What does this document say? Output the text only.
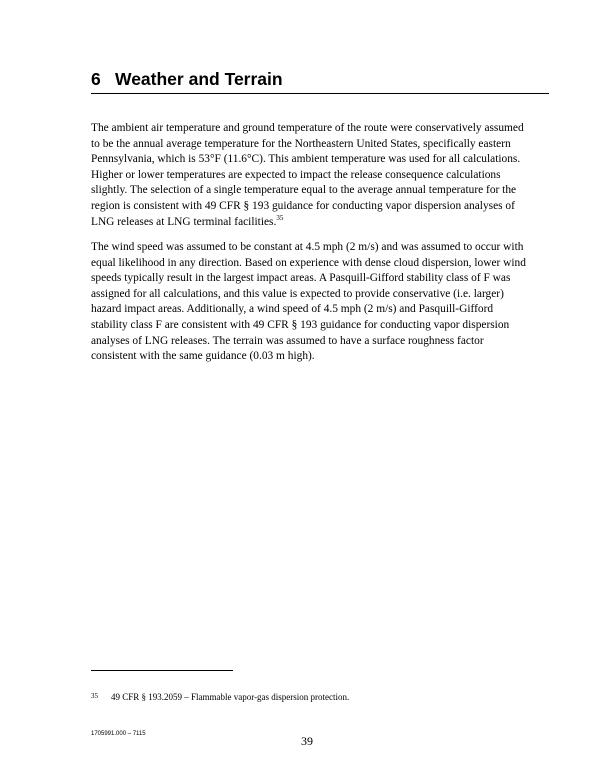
6 Weather and Terrain

The ambient air temperature and ground temperature of the route were conservatively assumed
to be the annual average temperature for the Northeastern United States, specifically eastern
Pennsylvania, which is 53°F (11.6°C). This ambient temperature was used for all calculations.
Higher or lower temperatures are expected to impact the release consequence calculations
slightly. The selection of a single temperature equal to the average annual temperature for the
region is consistent with 49 CFR § 193 guidance for conducting vapor dispersion analyses of
LNG releases at LNG terminal facilities.$^{35}$

The wind speed was assumed to be constant at 4.5 mph (2 m/s) and was assumed to occur with
equal likelihood in any direction. Based on experience with dense cloud dispersion, lower wind
speeds typically result in the largest impact areas. A Pasquill-Gifford stability class of F was
assigned for all calculations, and this value is expected to provide conservative (i.e. larger)
hazard impact areas. Additionally, a wind speed of 4.5 mph (2 m/s) and Pasquill-Gifford
stability class F are consistent with 49 CFR § 193 guidance for conducting vapor dispersion
analyses of LNG releases. The terrain was assumed to have a surface roughness factor
consistent with the same guidance (0.03 m high).

35 49 CFR § 193.2059 – Flammable vapor-gas dispersion protection.
1705991.000 – 7115	39
